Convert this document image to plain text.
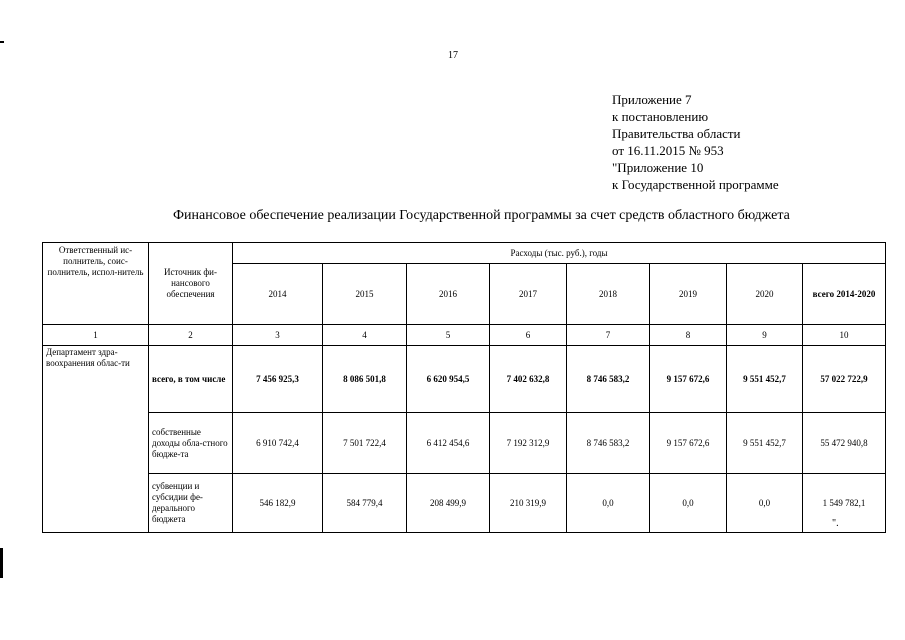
17
Приложение 7
к постановлению
Правительства области
от 16.11.2015 № 953
"Приложение 10
к Государственной программе
Финансовое обеспечение реализации Государственной программы за счет средств областного бюджета
Ответственный ис-полнитель, соис-полнитель, испол-нитель	Источник фи-нансового обеспечения	Расходы (тыс. руб.), годы							
		2014	2015	2016	2017	2018	2019	2020	всего 2014-2020
1	2	3	4	5	6	7	8	9	10
Департамент здра-воохранения облас-ти	всего, в том числе	7 456 925,3	8 086 501,8	6 620 954,5	7 402 632,8	8 746 583,2	9 157 672,6	9 551 452,7	57 022 722,9
	собственные доходы обла-стного бюдже-та	6 910 742,4	7 501 722,4	6 412 454,6	7 192 312,9	8 746 583,2	9 157 672,6	9 551 452,7	55 472 940,8
	субвенции и субсидии фе-дерального бюджета	546 182,9	584 779,4	208 499,9	210 319,9	0,0	0,0	0,0	1 549 782,1
".
